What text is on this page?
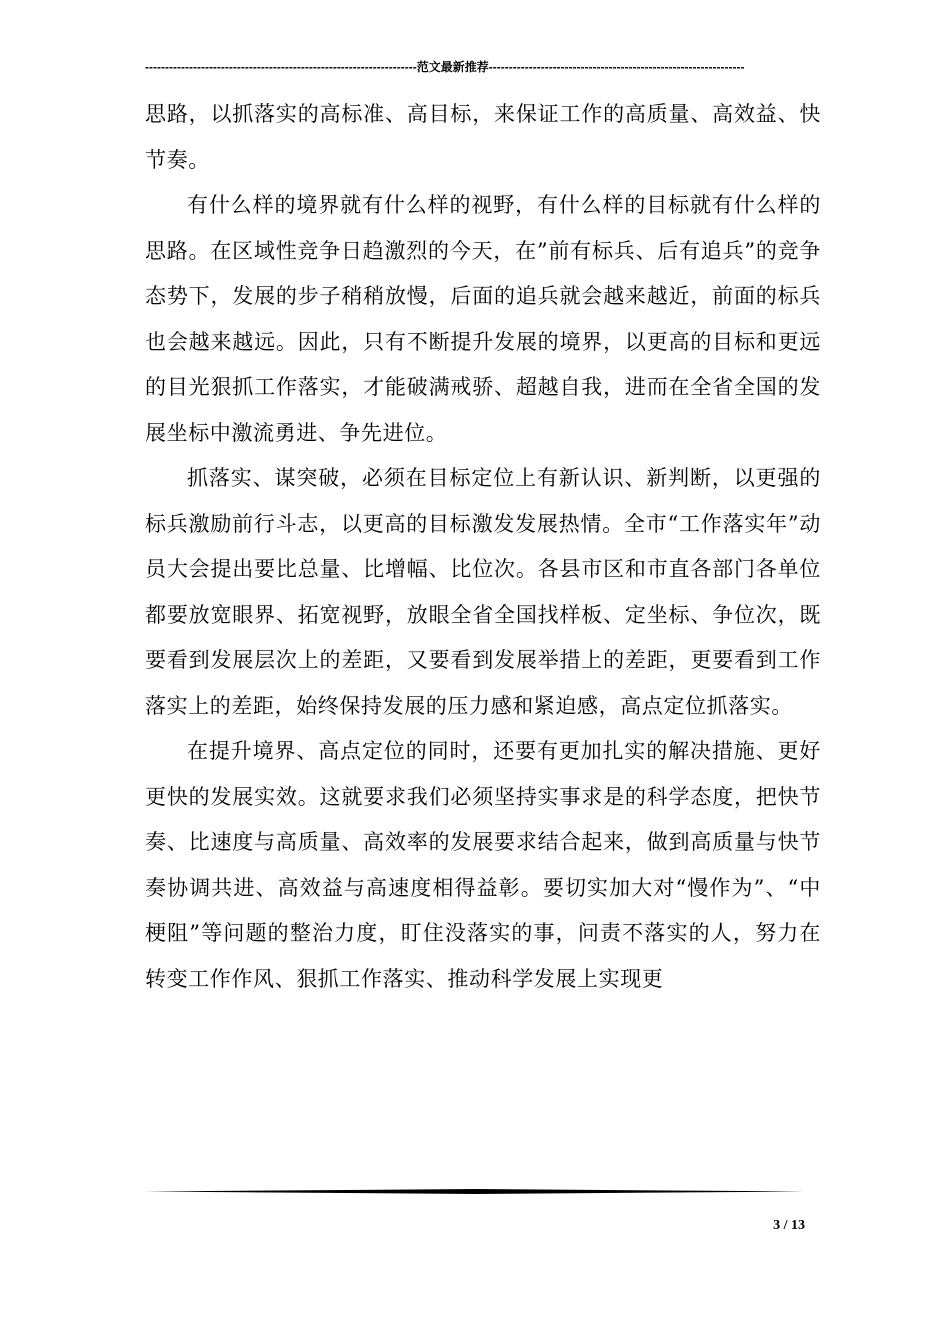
--------------------------------------------------------------------范文最新推荐----------------------------------------------------------------

思路，以抓落实的高标准、高目标，来保证工作的高质量、高效益、快节奏。

有什么样的境界就有什么样的视野，有什么样的目标就有什么样的思路。在区域性竞争日趋激烈的今天，在”前有标兵、后有追兵”的竞争态势下，发展的步子稍稍放慢，后面的追兵就会越来越近，前面的标兵也会越来越远。因此，只有不断提升发展的境界，以更高的目标和更远的目光狠抓工作落实，才能破满戒骄、超越自我，进而在全省全国的发展坐标中激流勇进、争先进位。

抓落实、谋突破，必须在目标定位上有新认识、新判断，以更强的标兵激励前行斗志，以更高的目标激发发展热情。全市“工作落实年”动员大会提出要比总量、比增幅、比位次。各县市区和市直各部门各单位都要放宽眼界、拓宽视野，放眼全省全国找样板、定坐标、争位次，既要看到发展层次上的差距，又要看到发展举措上的差距，更要看到工作落实上的差距，始终保持发展的压力感和紧迫感，高点定位抓落实。

在提升境界、高点定位的同时，还要有更加扎实的解决措施、更好更快的发展实效。这就要求我们必须坚持实事求是的科学态度，把快节奏、比速度与高质量、高效率的发展要求结合起来，做到高质量与快节奏协调共进、高效益与高速度相得益彰。要切实加大对“慢作为”、“中梗阻”等问题的整治力度，盯住没落实的事，问责不落实的人，努力在转变工作作风、狠抓工作落实、推动科学发展上实现更

3 / 13
